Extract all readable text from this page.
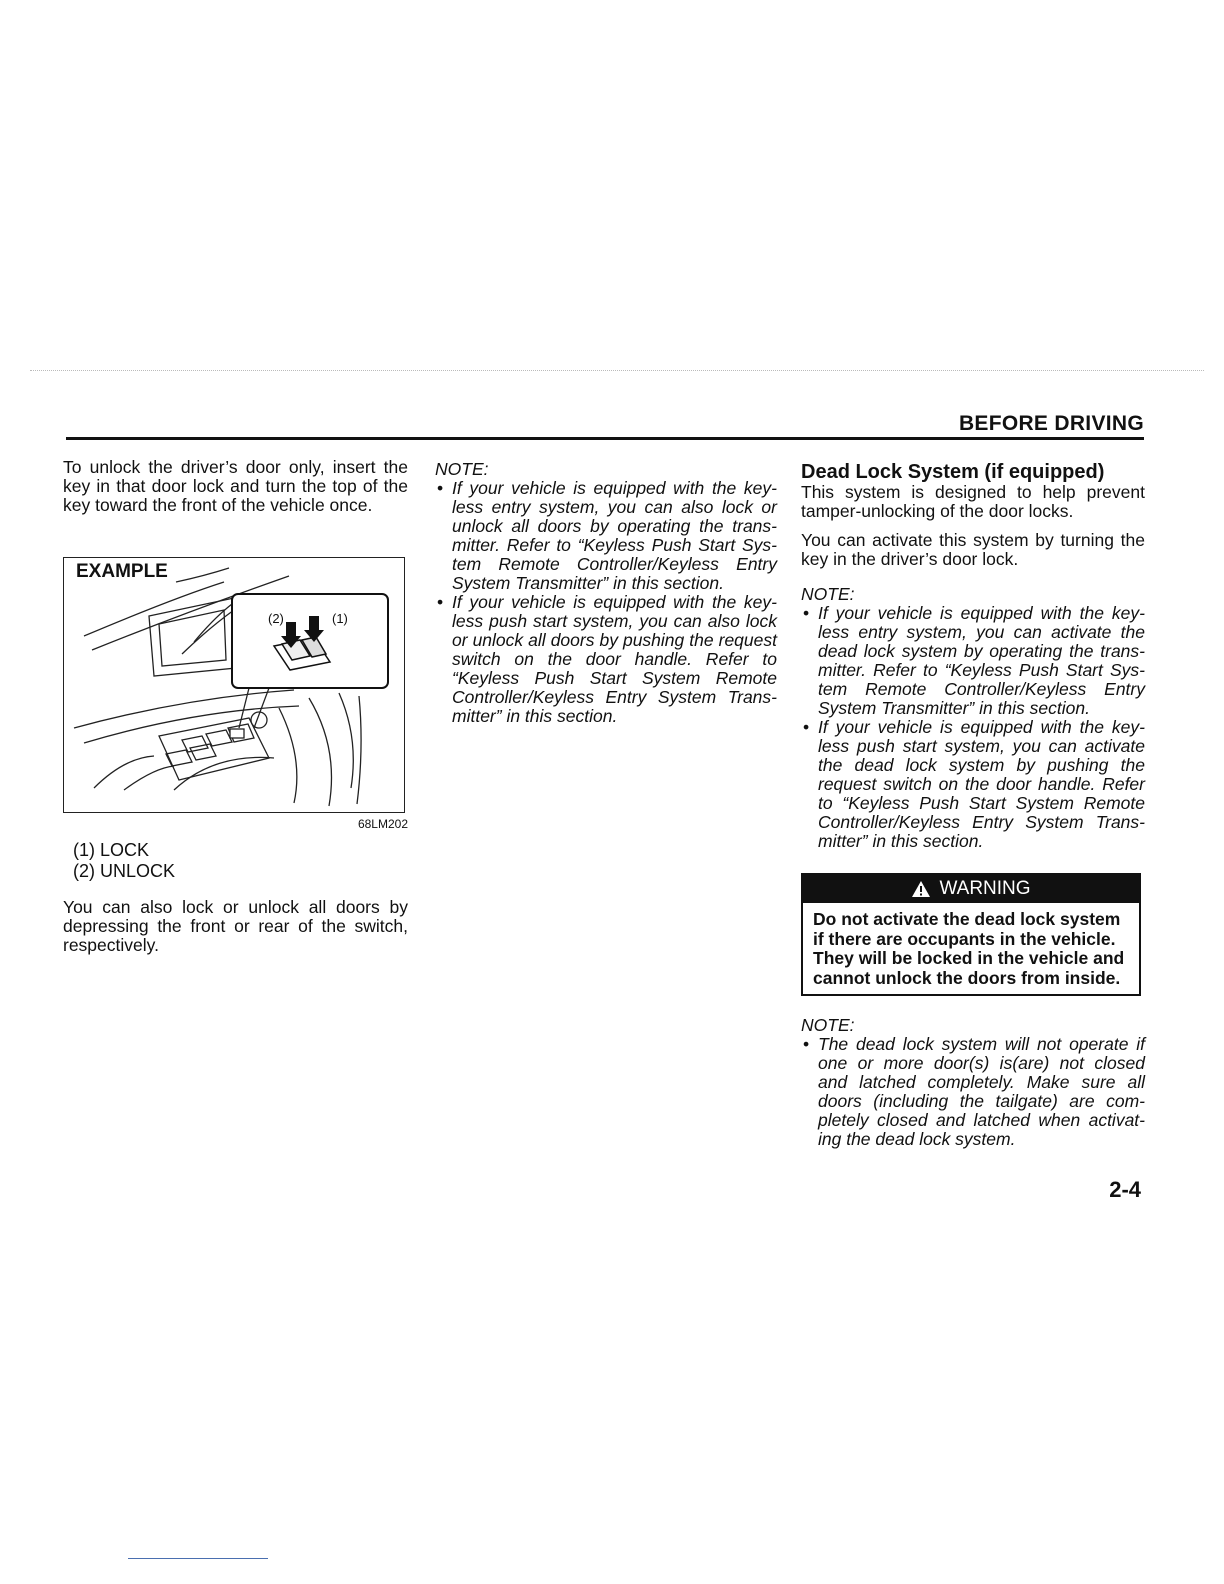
BEFORE DRIVING

To unlock the driver’s door only, insert the key in that door lock and turn the top of the key toward the front of the vehicle once.

EXAMPLE
(2)	(1)
68LM202
(1) LOCK
(2) UNLOCK

You can also lock or unlock all doors by depressing the front or rear of the switch, respectively.

NOTE:

• If your vehicle is equipped with the key-less entry system, you can also lock or unlock all doors by operating the trans-mitter. Refer to “Keyless Push Start Sys-tem Remote Controller/Keyless Entry System Transmitter” in this section.
• If your vehicle is equipped with the key-less push start system, you can also lock or unlock all doors by pushing the request switch on the door handle. Refer to “Keyless Push Start System Remote Controller/Keyless Entry System Trans-mitter” in this section.

Dead Lock System (if equipped)

This system is designed to help prevent tamper-unlocking of the door locks.

You can activate this system by turning the key in the driver’s door lock.

NOTE:

• If your vehicle is equipped with the key-less entry system, you can activate the dead lock system by operating the trans-mitter. Refer to “Keyless Push Start Sys-tem Remote Controller/Keyless Entry System Transmitter” in this section.
• If your vehicle is equipped with the key-less push start system, you can activate the dead lock system by pushing the request switch on the door handle. Refer to “Keyless Push Start System Remote Controller/Keyless Entry System Trans-mitter” in this section.
WARNING
Do not activate the dead lock system if there are occupants in the vehicle. They will be locked in the vehicle and cannot unlock the doors from inside.

NOTE:

• The dead lock system will not operate if one or more door(s) is(are) not closed and latched completely. Make sure all doors (including the tailgate) are com-pletely closed and latched when activat-ing the dead lock system.
2-4
